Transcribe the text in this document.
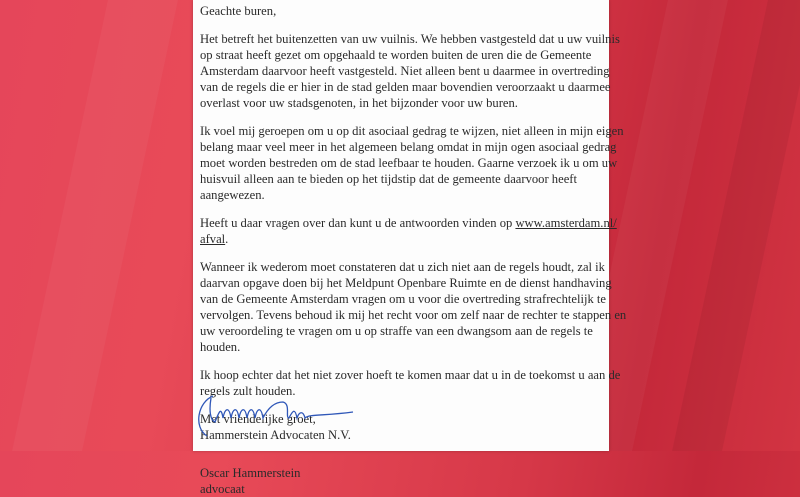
Geachte buren,
Het betreft het buitenzetten van uw vuilnis. We hebben vastgesteld dat u uw vuilnis
op straat heeft gezet om opgehaald te worden buiten de uren die de Gemeente
Amsterdam daarvoor heeft vastgesteld. Niet alleen bent u daarmee in overtreding
van de regels die er hier in de stad gelden maar bovendien veroorzaakt u daarmee
overlast voor uw stadsgenoten, in het bijzonder voor uw buren.
Ik voel mij geroepen om u op dit asociaal gedrag te wijzen, niet alleen in mijn eigen
belang maar veel meer in het algemeen belang omdat in mijn ogen asociaal gedrag
moet worden bestreden om de stad leefbaar te houden. Gaarne verzoek ik u om uw
huisvuil alleen aan te bieden op het tijdstip dat de gemeente daarvoor heeft
aangewezen.
Heeft u daar vragen over dan kunt u de antwoorden vinden op www.amsterdam.nl/
afval.
Wanneer ik wederom moet constateren dat u zich niet aan de regels houdt, zal ik
daarvan opgave doen bij het Meldpunt Openbare Ruimte en de dienst handhaving
van de Gemeente Amsterdam vragen om u voor die overtreding strafrechtelijk te
vervolgen. Tevens behoud ik mij het recht voor om zelf naar de rechter te stappen en
uw veroordeling te vragen om u op straffe van een dwangsom aan de regels te
houden.
Ik hoop echter dat het niet zover hoeft te komen maar dat u in de toekomst u aan de
regels zult houden.
Met vriendelijke groet,
Hammerstein Advocaten N.V.
Oscar Hammerstein
advocaat
